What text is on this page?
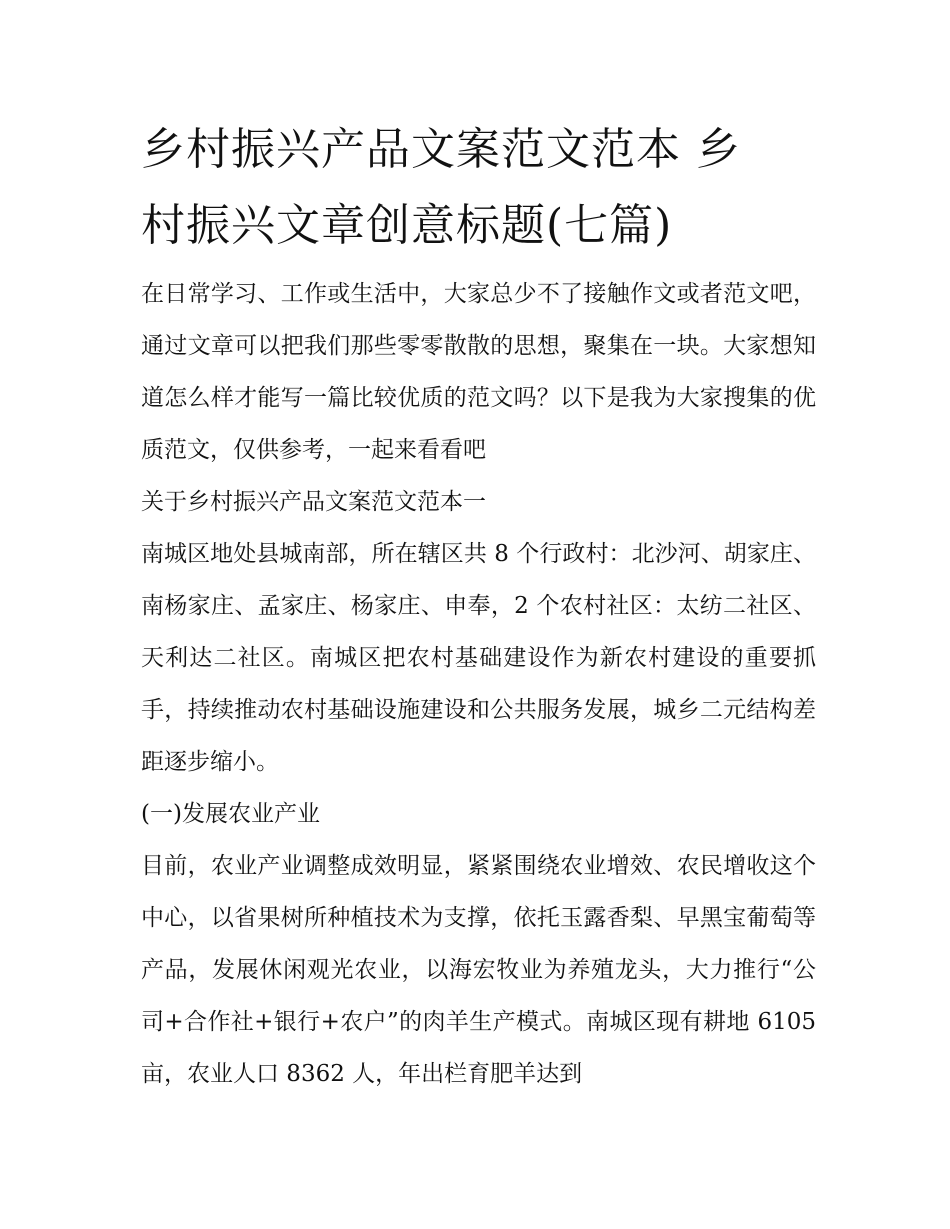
乡村振兴产品文案范文范本 乡
村振兴文章创意标题(七篇)

在日常学习、工作或生活中，大家总少不了接触作文或者范文吧，通过文章可以把我们那些零零散散的思想，聚集在一块。大家想知道怎么样才能写一篇比较优质的范文吗？以下是我为大家搜集的优质范文，仅供参考，一起来看看吧

关于乡村振兴产品文案范文范本一

南城区地处县城南部，所在辖区共 8 个行政村：北沙河、胡家庄、南杨家庄、孟家庄、杨家庄、申奉，2 个农村社区：太纺二社区、天利达二社区。南城区把农村基础建设作为新农村建设的重要抓手，持续推动农村基础设施建设和公共服务发展，城乡二元结构差距逐步缩小。

(一)发展农业产业

目前，农业产业调整成效明显，紧紧围绕农业增效、农民增收这个中心，以省果树所种植技术为支撑，依托玉露香梨、早黑宝葡萄等产品，发展休闲观光农业，以海宏牧业为养殖龙头，大力推行“公司+合作社+银行+农户”的肉羊生产模式。南城区现有耕地 6105 亩，农业人口 8362 人，年出栏育肥羊达到
